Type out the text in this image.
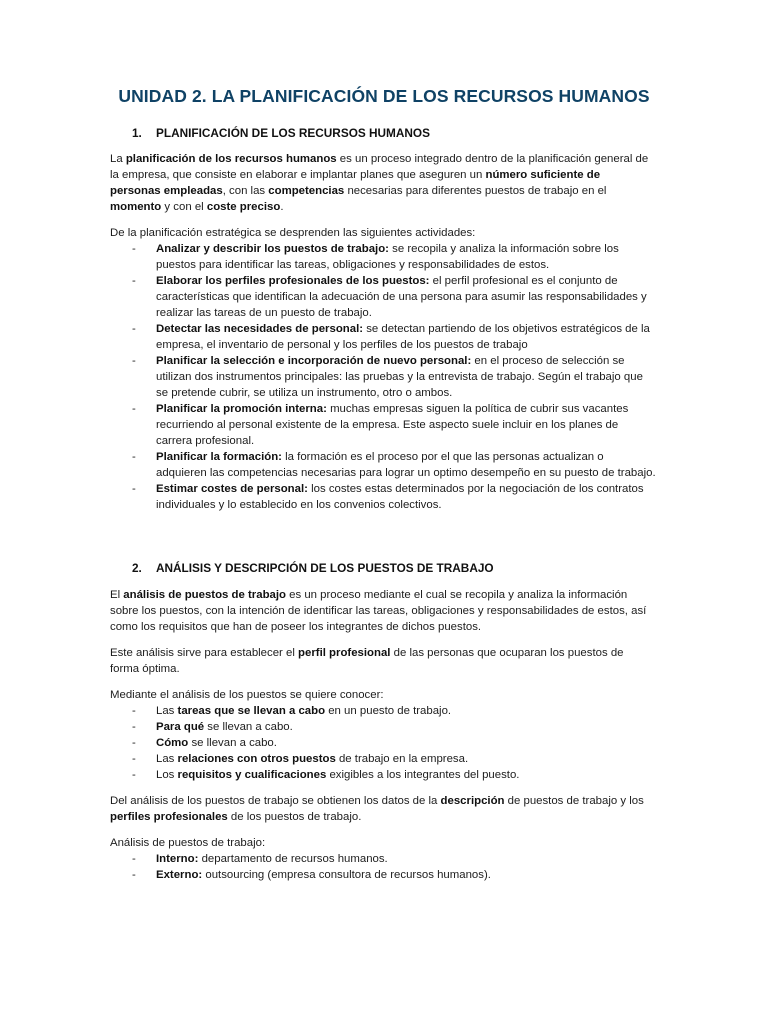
UNIDAD 2. LA PLANIFICACIÓN DE LOS RECURSOS HUMANOS
1. PLANIFICACIÓN DE LOS RECURSOS HUMANOS

La planificación de los recursos humanos es un proceso integrado dentro de la planificación general de la empresa, que consiste en elaborar e implantar planes que aseguren un número suficiente de personas empleadas, con las competencias necesarias para diferentes puestos de trabajo en el momento y con el coste preciso.

De la planificación estratégica se desprenden las siguientes actividades:

- Analizar y describir los puestos de trabajo: se recopila y analiza la información sobre los puestos para identificar las tareas, obligaciones y responsabilidades de estos.
- Elaborar los perfiles profesionales de los puestos: el perfil profesional es el conjunto de características que identifican la adecuación de una persona para asumir las responsabilidades y realizar las tareas de un puesto de trabajo.
- Detectar las necesidades de personal: se detectan partiendo de los objetivos estratégicos de la empresa, el inventario de personal y los perfiles de los puestos de trabajo
- Planificar la selección e incorporación de nuevo personal: en el proceso de selección se utilizan dos instrumentos principales: las pruebas y la entrevista de trabajo. Según el trabajo que se pretende cubrir, se utiliza un instrumento, otro o ambos.
- Planificar la promoción interna: muchas empresas siguen la política de cubrir sus vacantes recurriendo al personal existente de la empresa. Este aspecto suele incluir en los planes de carrera profesional.
- Planificar la formación: la formación es el proceso por el que las personas actualizan o adquieren las competencias necesarias para lograr un optimo desempeño en su puesto de trabajo.
- Estimar costes de personal: los costes estas determinados por la negociación de los contratos individuales y lo establecido en los convenios colectivos.
2. ANÁLISIS Y DESCRIPCIÓN DE LOS PUESTOS DE TRABAJO

El análisis de puestos de trabajo es un proceso mediante el cual se recopila y analiza la información sobre los puestos, con la intención de identificar las tareas, obligaciones y responsabilidades de estos, así como los requisitos que han de poseer los integrantes de dichos puestos.

Este análisis sirve para establecer el perfil profesional de las personas que ocuparan los puestos de forma óptima.

Mediante el análisis de los puestos se quiere conocer:

- Las tareas que se llevan a cabo en un puesto de trabajo.
- Para qué se llevan a cabo.
- Cómo se llevan a cabo.
- Las relaciones con otros puestos de trabajo en la empresa.
- Los requisitos y cualificaciones exigibles a los integrantes del puesto.

Del análisis de los puestos de trabajo se obtienen los datos de la descripción de puestos de trabajo y los perfiles profesionales de los puestos de trabajo.

Análisis de puestos de trabajo:

- Interno: departamento de recursos humanos.
- Externo: outsourcing (empresa consultora de recursos humanos).
